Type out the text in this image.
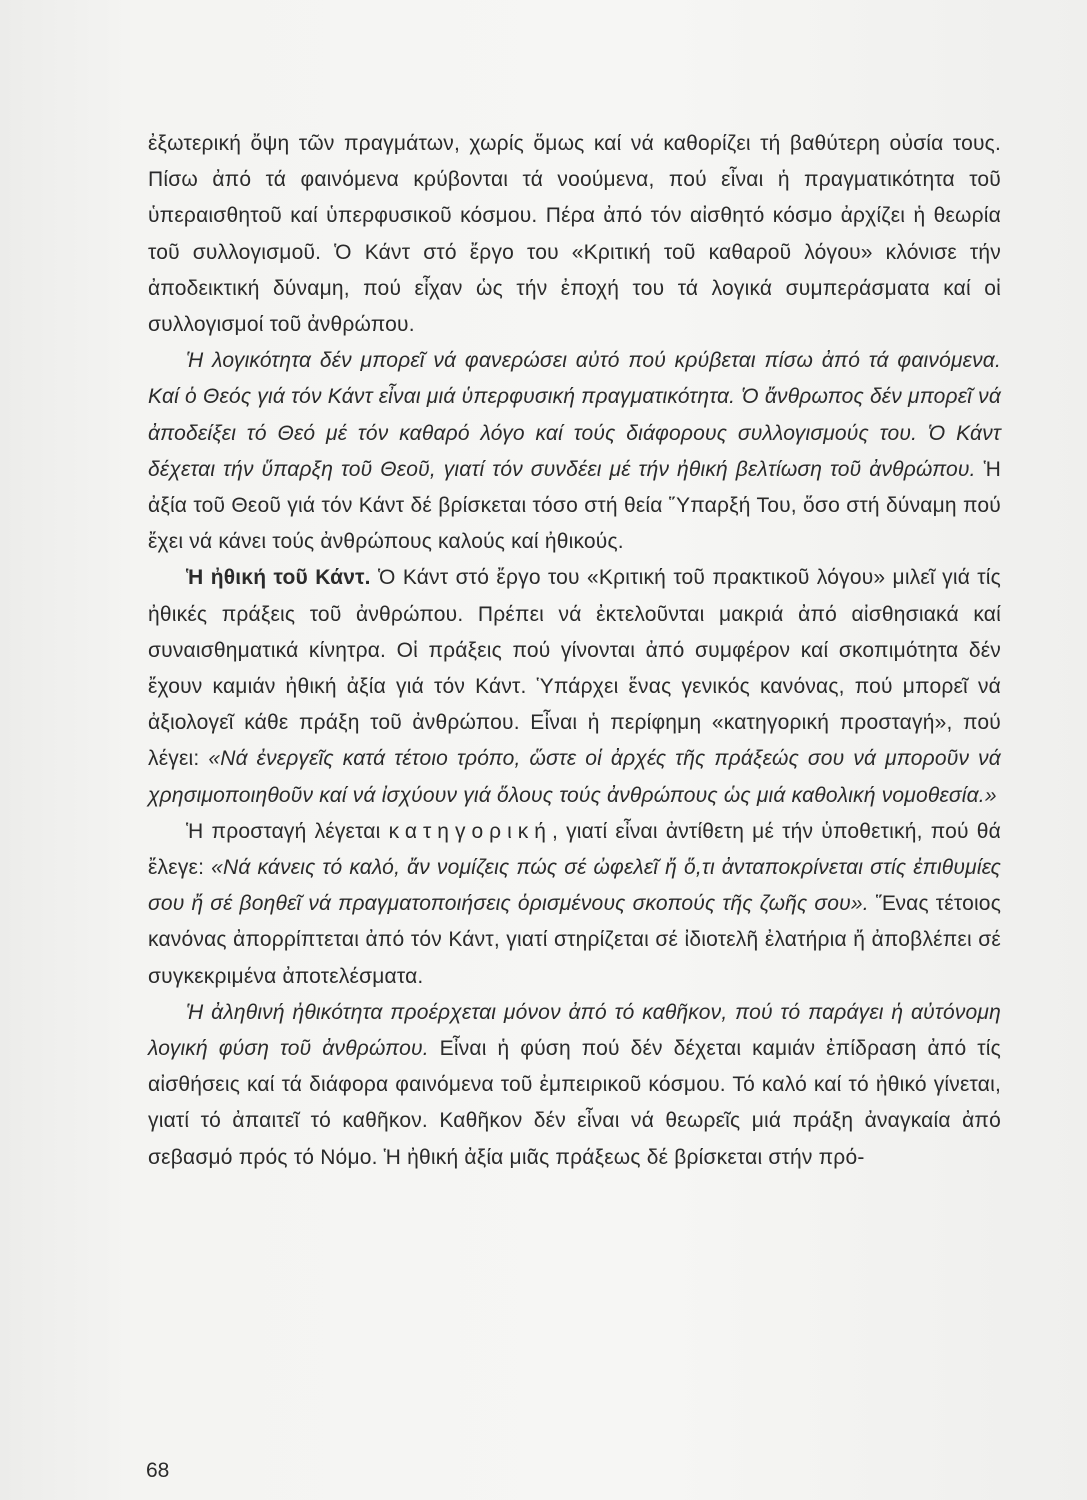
ἐξωτερική ὄψη τῶν πραγμάτων, χωρίς ὅμως καί νά καθορίζει τή βαθύτερη οὐσία τους. Πίσω ἀπό τά φαινόμενα κρύβονται τά νοούμενα, πού εἶναι ἡ πραγματικότητα τοῦ ὑπεραισθητοῦ καί ὑπερφυσικοῦ κόσμου. Πέρα ἀπό τόν αἰσθητό κόσμο ἀρχίζει ἡ θεωρία τοῦ συλλογισμοῦ. Ὁ Κάντ στό ἔργο του «Κριτική τοῦ καθαροῦ λόγου» κλόνισε τήν ἀποδεικτική δύναμη, πού εἶχαν ὡς τήν ἐποχή του τά λογικά συμπεράσματα καί οἱ συλλογισμοί τοῦ ἀνθρώπου.

Ἡ λογικότητα δέν μπορεῖ νά φανερώσει αὐτό πού κρύβεται πίσω ἀπό τά φαινόμενα. Καί ὁ Θεός γιά τόν Κάντ εἶναι μιά ὑπερφυσική πραγματικότητα. Ὁ ἄνθρωπος δέν μπορεῖ νά ἀποδείξει τό Θεό μέ τόν καθαρό λόγο καί τούς διάφορους συλλογισμούς του. Ὁ Κάντ δέχεται τήν ὕπαρξη τοῦ Θεοῦ, γιατί τόν συνδέει μέ τήν ἠθική βελτίωση τοῦ ἀνθρώπου. Ἡ ἀξία τοῦ Θεοῦ γιά τόν Κάντ δέ βρίσκεται τόσο στή θεία Ὕπαρξή Του, ὅσο στή δύναμη πού ἔχει νά κάνει τούς ἀνθρώπους καλούς καί ἠθικούς.

Ἡ ἠθική τοῦ Κάντ. Ὁ Κάντ στό ἔργο του «Κριτική τοῦ πρακτικοῦ λόγου» μιλεῖ γιά τίς ἠθικές πράξεις τοῦ ἀνθρώπου. Πρέπει νά ἐκτελοῦνται μακριά ἀπό αἰσθησιακά καί συναισθηματικά κίνητρα. Οἱ πράξεις πού γίνονται ἀπό συμφέρον καί σκοπιμότητα δέν ἔχουν καμιάν ἠθική ἀξία γιά τόν Κάντ. Ὑπάρχει ἕνας γενικός κανόνας, πού μπορεῖ νά ἀξιολογεῖ κάθε πράξη τοῦ ἀνθρώπου. Εἶναι ἡ περίφημη «κατηγορική προσταγή», πού λέγει: «Νά ἐνεργεῖς κατά τέτοιο τρόπο, ὥστε οἱ ἀρχές τῆς πράξεώς σου νά μποροῦν νά χρησιμοποιηθοῦν καί νά ἰσχύουν γιά ὅλους τούς ἀνθρώπους ὡς μιά καθολική νομοθεσία.»

Ἡ προσταγή λέγεται κατηγορική, γιατί εἶναι ἀντίθετη μέ τήν ὑποθετική, πού θά ἔλεγε: «Νά κάνεις τό καλό, ἄν νομίζεις πώς σέ ὠφελεῖ ἤ ὅ,τι ἀνταποκρίνεται στίς ἐπιθυμίες σου ἤ σέ βοηθεῖ νά πραγματοποιήσεις ὁρισμένους σκοπούς τῆς ζωῆς σου». Ἕνας τέτοιος κανόνας ἀπορρίπτεται ἀπό τόν Κάντ, γιατί στηρίζεται σέ ἰδιοτελῆ ἐλατήρια ἤ ἀποβλέπει σέ συγκεκριμένα ἀποτελέσματα.

Ἡ ἀληθινή ἠθικότητα προέρχεται μόνον ἀπό τό καθῆκον, πού τό παράγει ἡ αὐτόνομη λογική φύση τοῦ ἀνθρώπου. Εἶναι ἡ φύση πού δέν δέχεται καμιάν ἐπίδραση ἀπό τίς αἰσθήσεις καί τά διάφορα φαινόμενα τοῦ ἐμπειρικοῦ κόσμου. Τό καλό καί τό ἠθικό γίνεται, γιατί τό ἀπαιτεῖ τό καθῆκον. Καθῆκον δέν εἶναι νά θεωρεῖς μιά πράξη ἀναγκαία ἀπό σεβασμό πρός τό Νόμο. Ἡ ἠθική ἀξία μιᾶς πράξεως δέ βρίσκεται στήν πρό-

68
